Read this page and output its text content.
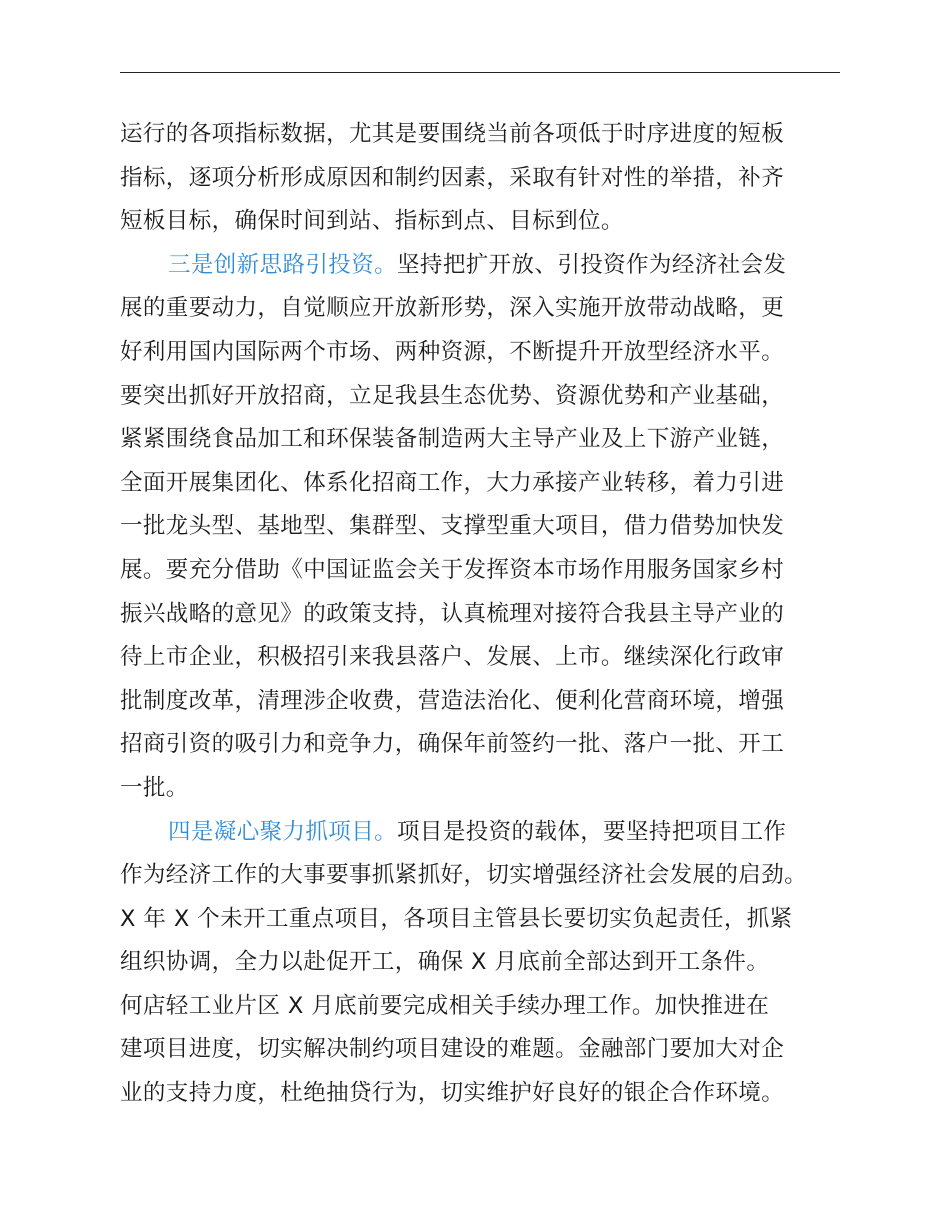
运行的各项指标数据，尤其是要围绕当前各项低于时序进度的短板
指标，逐项分析形成原因和制约因素，采取有针对性的举措，补齐
短板目标，确保时间到站、指标到点、目标到位。
三是创新思路引投资。坚持把扩开放、引投资作为经济社会发
展的重要动力，自觉顺应开放新形势，深入实施开放带动战略，更
好利用国内国际两个市场、两种资源，不断提升开放型经济水平。
要突出抓好开放招商，立足我县生态优势、资源优势和产业基础，
紧紧围绕食品加工和环保装备制造两大主导产业及上下游产业链，
全面开展集团化、体系化招商工作，大力承接产业转移，着力引进
一批龙头型、基地型、集群型、支撑型重大项目，借力借势加快发
展。要充分借助《中国证监会关于发挥资本市场作用服务国家乡村
振兴战略的意见》的政策支持，认真梳理对接符合我县主导产业的
待上市企业，积极招引来我县落户、发展、上市。继续深化行政审
批制度改革，清理涉企收费，营造法治化、便利化营商环境，增强
招商引资的吸引力和竞争力，确保年前签约一批、落户一批、开工
一批。
四是凝心聚力抓项目。项目是投资的载体，要坚持把项目工作
作为经济工作的大事要事抓紧抓好，切实增强经济社会发展的启劲。
X 年 X 个未开工重点项目，各项目主管县长要切实负起责任，抓紧
组织协调，全力以赴促开工，确保 X 月底前全部达到开工条件。
何店轻工业片区 X 月底前要完成相关手续办理工作。加快推进在
建项目进度，切实解决制约项目建设的难题。金融部门要加大对企
业的支持力度，杜绝抽贷行为，切实维护好良好的银企合作环境。
